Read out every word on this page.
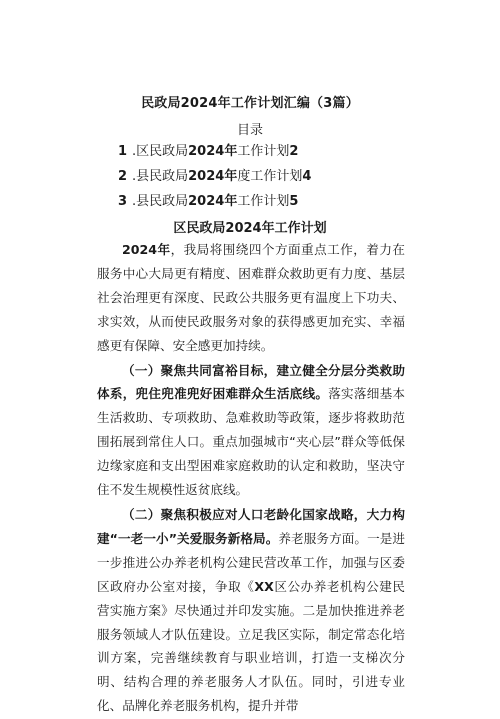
民政局2024年工作计划汇编（3篇）
目录
1 .区民政局2024年工作计划2
2 .县民政局2024年度工作计划4
3 .县民政局2024年工作计划5
区民政局2024年工作计划

2024年，我局将围绕四个方面重点工作，着力在服务中心大局更有精度、困难群众救助更有力度、基层社会治理更有深度、民政公共服务更有温度上下功夫、求实效，从而使民政服务对象的获得感更加充实、幸福感更有保障、安全感更加持续。

（一）聚焦共同富裕目标，建立健全分层分类救助体系，兜住兜准兜好困难群众生活底线。落实落细基本生活救助、专项救助、急难救助等政策，逐步将救助范围拓展到常住人口。重点加强城市“夹心层”群众等低保边缘家庭和支出型困难家庭救助的认定和救助，坚决守住不发生规模性返贫底线。

（二）聚焦积极应对人口老龄化国家战略，大力构建“一老一小”关爱服务新格局。养老服务方面。一是进一步推进公办养老机构公建民营改革工作，加强与区委区政府办公室对接，争取《XX区公办养老机构公建民营实施方案》尽快通过并印发实施。二是加快推进养老服务领域人才队伍建设。立足我区实际，制定常态化培训方案，完善继续教育与职业培训，打造一支梯次分明、结构合理的养老服务人才队伍。同时，引进专业化、品牌化养老服务机构，提升并带
